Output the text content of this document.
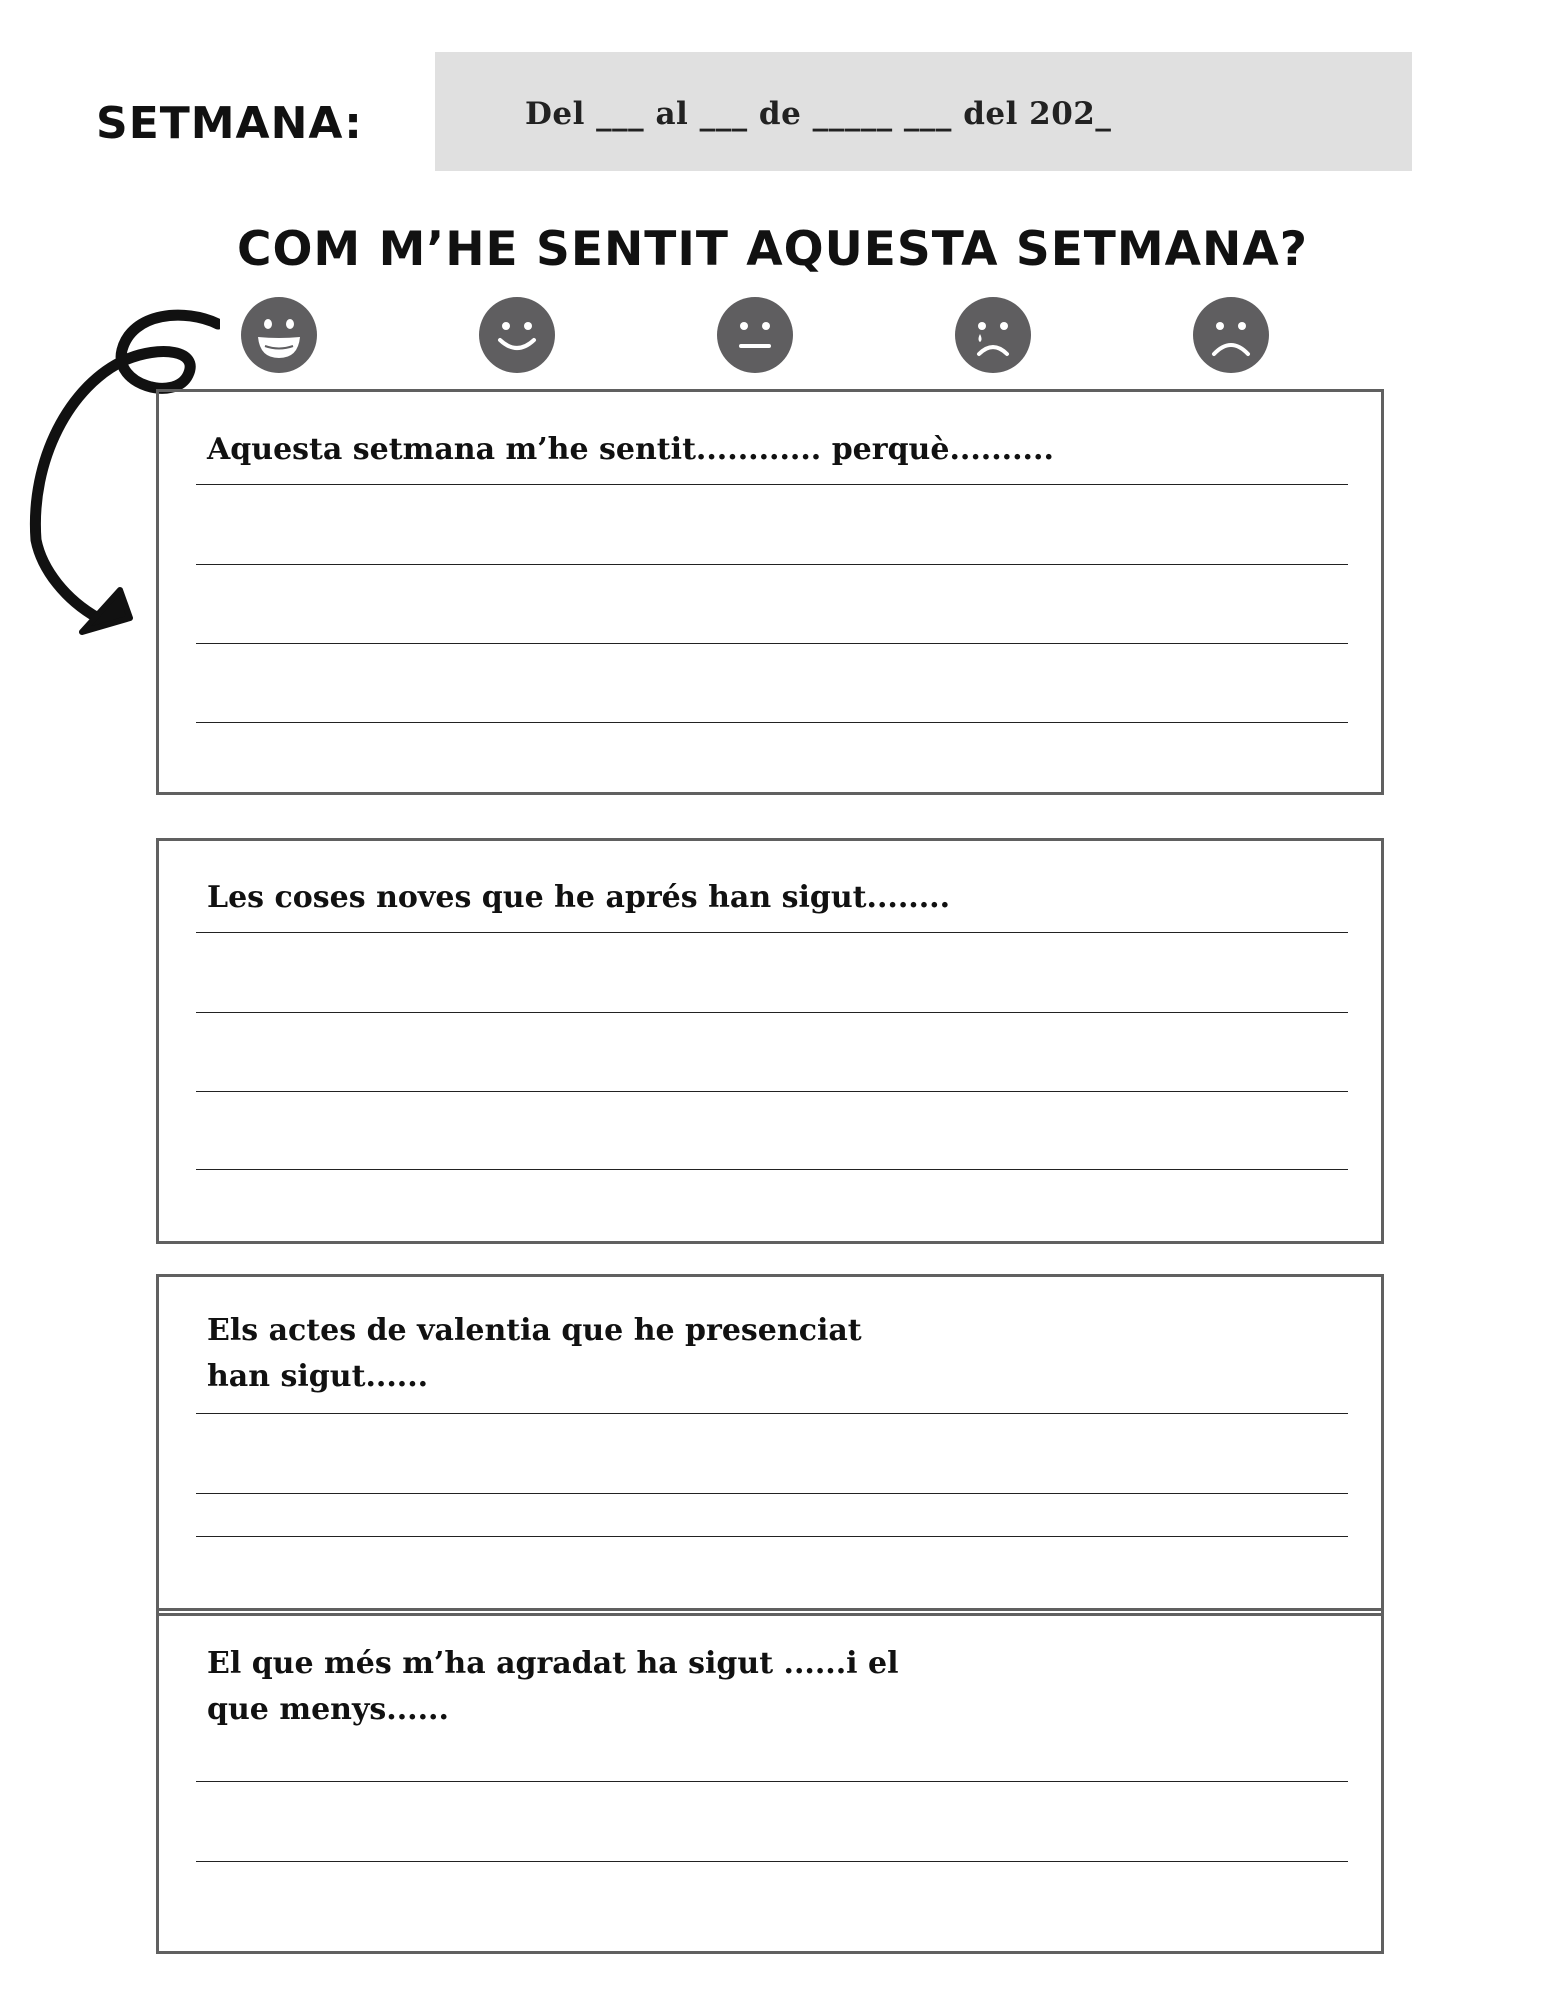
SETMANA:	Del ___ al ___ de _____ ___ del 202_
COM M’HE SENTIT AQUESTA SETMANA?
Aquesta setmana m’he sentit............ perquè..........
Les coses noves que he aprés han sigut........
Els actes de valentia que he presenciat han sigut......
El que més m’ha agradat ha sigut ......i el que menys......
